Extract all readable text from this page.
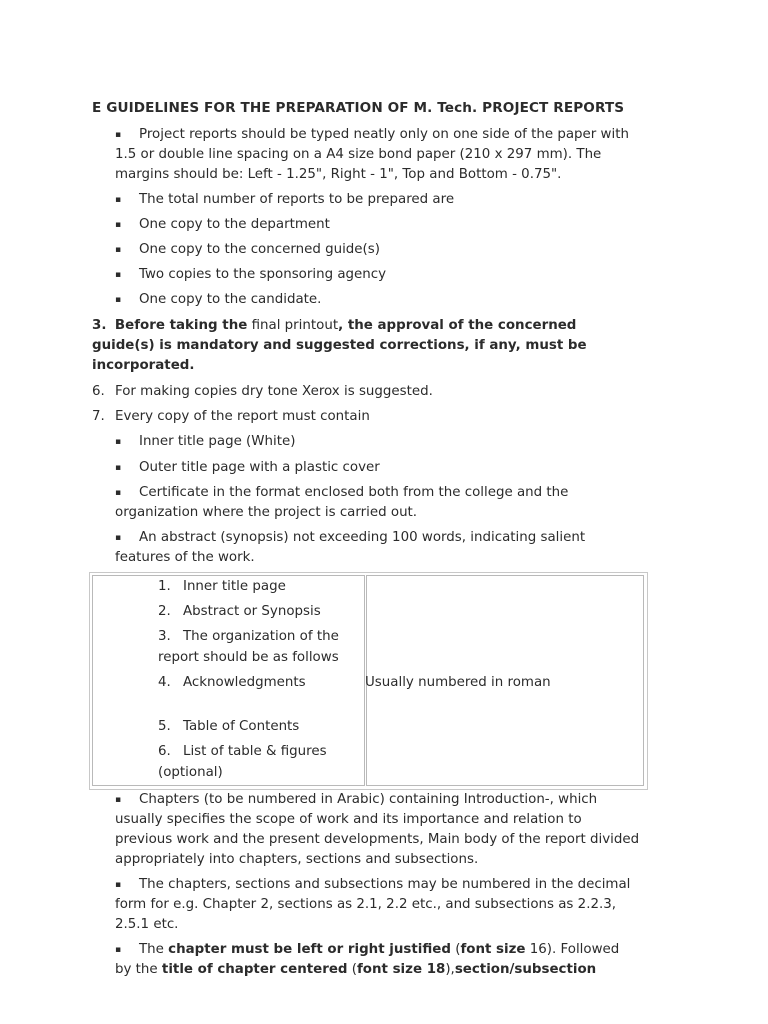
E GUIDELINES FOR THE PREPARATION OF M. Tech. PROJECT REPORTS
▪ Project reports should be typed neatly only on one side of the paper with
1.5 or double line spacing on a A4 size bond paper (210 x 297 mm). The
margins should be: Left - 1.25", Right - 1", Top and Bottom - 0.75".
▪ The total number of reports to be prepared are
▪ One copy to the department
▪ One copy to the concerned guide(s)
▪ Two copies to the sponsoring agency
▪ One copy to the candidate.
3. Before taking the final printout, the approval of the concerned
guide(s) is mandatory and suggested corrections, if any, must be
incorporated.
6. For making copies dry tone Xerox is suggested.
7. Every copy of the report must contain
▪ Inner title page (White)
▪ Outer title page with a plastic cover
▪ Certificate in the format enclosed both from the college and the
organization where the project is carried out.
▪ An abstract (synopsis) not exceeding 100 words, indicating salient
features of the work.
1. Inner title page
2. Abstract or Synopsis
3. The organization of the
report should be as follows
4. Acknowledgments
5. Table of Contents
6. List of table & figures
(optional)
Usually numbered in roman
▪ Chapters (to be numbered in Arabic) containing Introduction-, which
usually specifies the scope of work and its importance and relation to
previous work and the present developments, Main body of the report divided
appropriately into chapters, sections and subsections.
▪ The chapters, sections and subsections may be numbered in the decimal
form for e.g. Chapter 2, sections as 2.1, 2.2 etc., and subsections as 2.2.3,
2.5.1 etc.
▪ The chapter must be left or right justified (font size 16). Followed
by the title of chapter centered (font size 18),section/subsection
